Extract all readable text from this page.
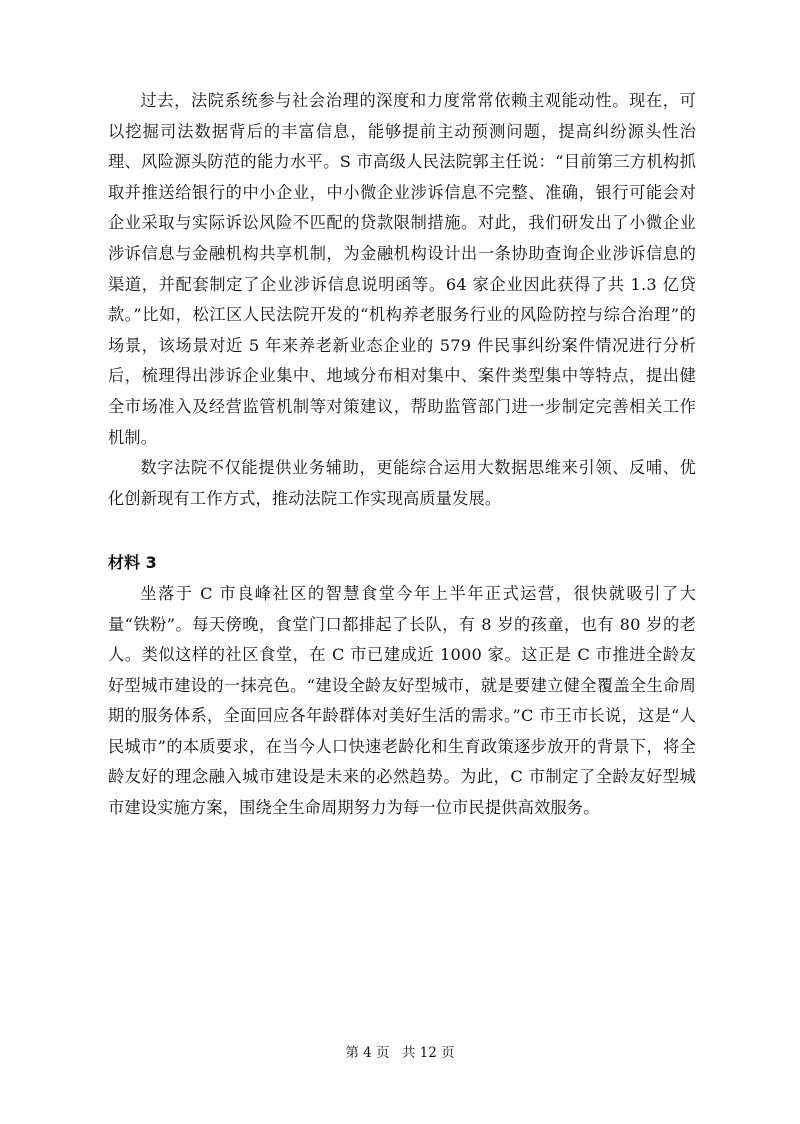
过去，法院系统参与社会治理的深度和力度常常依赖主观能动性。现在，可以挖掘司法数据背后的丰富信息，能够提前主动预测问题，提高纠纷源头性治理、风险源头防范的能力水平。S 市高级人民法院郭主任说：“目前第三方机构抓取并推送给银行的中小企业，中小微企业涉诉信息不完整、准确，银行可能会对企业采取与实际诉讼风险不匹配的贷款限制措施。对此，我们研发出了小微企业涉诉信息与金融机构共享机制，为金融机构设计出一条协助查询企业涉诉信息的渠道，并配套制定了企业涉诉信息说明函等。64 家企业因此获得了共 1.3 亿贷款。”比如，松江区人民法院开发的“机构养老服务行业的风险防控与综合治理”的场景，该场景对近 5 年来养老新业态企业的 579 件民事纠纷案件情况进行分析后，梳理得出涉诉企业集中、地域分布相对集中、案件类型集中等特点，提出健全市场准入及经营监管机制等对策建议，帮助监管部门进一步制定完善相关工作机制。

数字法院不仅能提供业务辅助，更能综合运用大数据思维来引领、反哺、优化创新现有工作方式，推动法院工作实现高质量发展。

材料 3

坐落于 C 市良峰社区的智慧食堂今年上半年正式运营，很快就吸引了大量“铁粉”。每天傍晚，食堂门口都排起了长队，有 8 岁的孩童，也有 80 岁的老人。类似这样的社区食堂，在 C 市已建成近 1000 家。这正是 C 市推进全龄友好型城市建设的一抹亮色。“建设全龄友好型城市，就是要建立健全覆盖全生命周期的服务体系，全面回应各年龄群体对美好生活的需求。”C 市王市长说，这是“人民城市”的本质要求，在当今人口快速老龄化和生育政策逐步放开的背景下，将全龄友好的理念融入城市建设是未来的必然趋势。为此，C 市制定了全龄友好型城市建设实施方案，围绕全生命周期努力为每一位市民提供高效服务。

第 4 页 共 12 页
